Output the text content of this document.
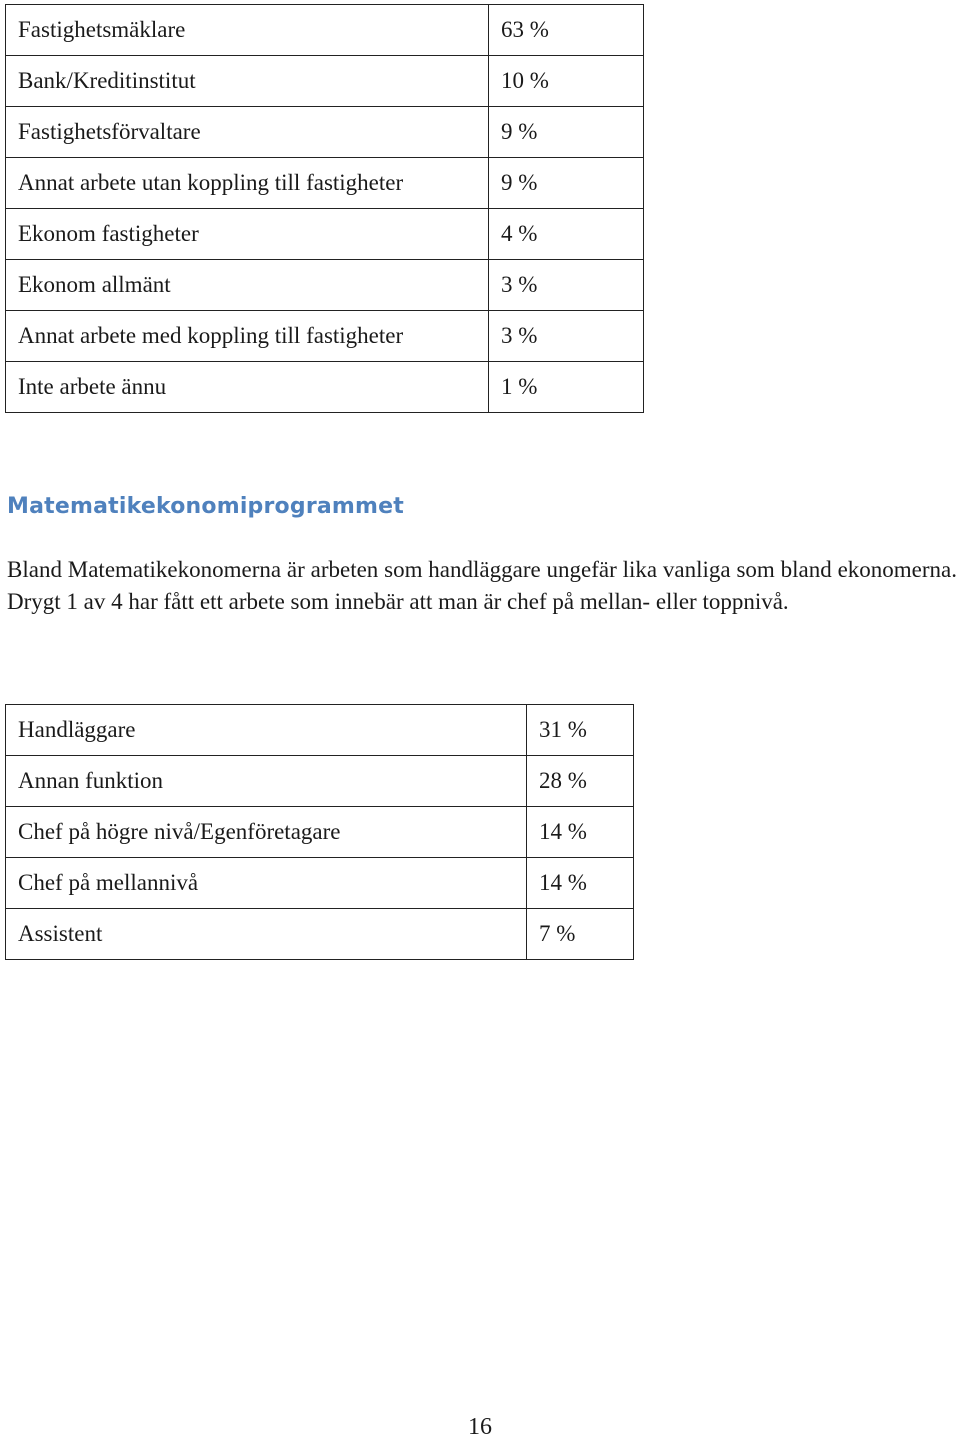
Fastighetsmäklare	63 %
Bank/Kreditinstitut	10 %
Fastighetsförvaltare	9 %
Annat arbete utan koppling till fastigheter	9 %
Ekonom fastigheter	4 %
Ekonom allmänt	3 %
Annat arbete med koppling till fastigheter	3 %
Inte arbete ännu	1 %
Matematikekonomiprogrammet

Bland Matematikekonomerna är arbeten som handläggare ungefär lika vanliga som bland ekonomerna. Drygt 1 av 4 har fått ett arbete som innebär att man är chef på mellan- eller toppnivå.

Handläggare	31 %
Annan funktion	28 %
Chef på högre nivå/Egenföretagare	14 %
Chef på mellannivå	14 %
Assistent	7 %
16
